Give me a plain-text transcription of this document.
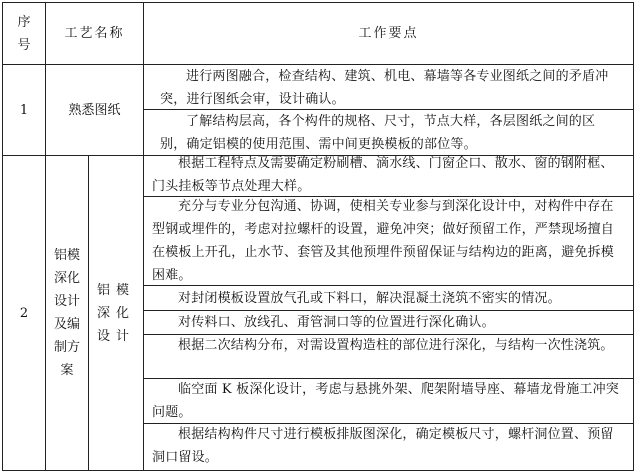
序号
工艺名称	工作要点
1	熟悉图纸
进行两图融合，检查结构、建筑、机电、幕墙等各专业图纸之间的矛盾冲突，进行图纸会审，设计确认。
了解结构层高，各个构件的规格、尺寸，节点大样，各层图纸之间的区别，确定铝模的使用范围、需中间更换模板的部位等。
2
铝模深化设计及编制方案
铝模深化设计
根据工程特点及需要确定粉刷槽、滴水线、门窗企口、散水、窗的钢附框、门头挂板等节点处理大样。
充分与专业分包沟通、协调，使相关专业参与到深化设计中，对构件中存在型钢或埋件的，考虑对拉螺杆的设置，避免冲突；做好预留工作，严禁现场擅自在模板上开孔，止水节、套管及其他预埋件预留保证与结构边的距离，避免拆模困难。
对封闭模板设置放气孔或下料口，解决混凝土浇筑不密实的情况。
对传料口、放线孔、甭管洞口等的位置进行深化确认。
根据二次结构分布，对需设置构造柱的部位进行深化，与结构一次性浇筑。
临空面 K 板深化设计，考虑与悬挑外架、爬架附墙导座、幕墙龙骨施工冲突问题。
根据结构构件尺寸进行模板排版图深化，确定模板尺寸，螺杆洞位置、预留洞口留设。
